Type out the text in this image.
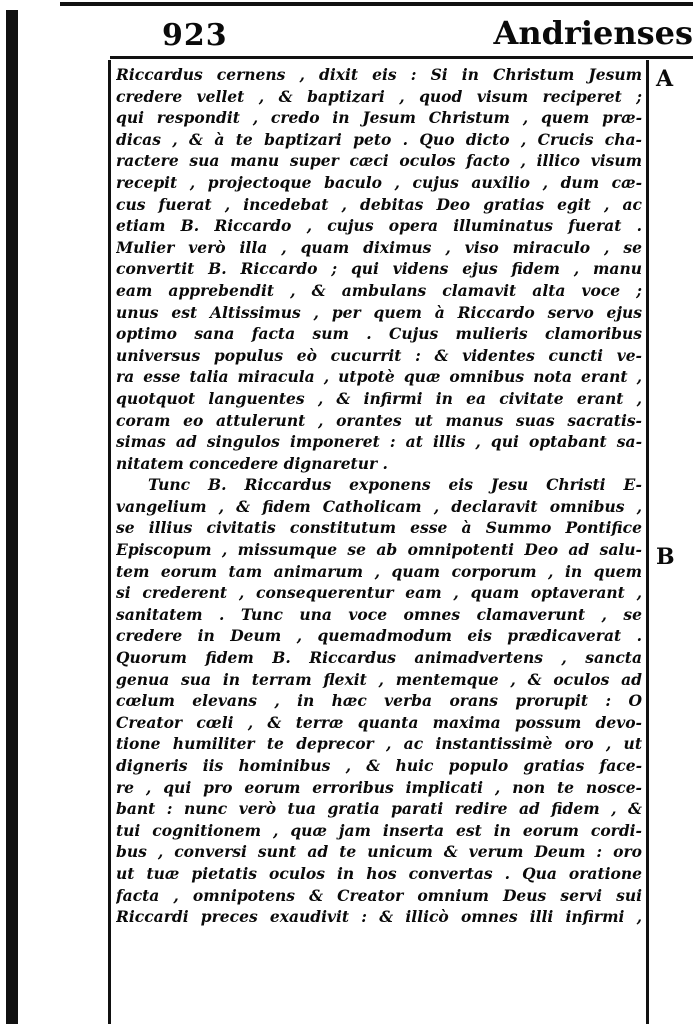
923	Andrienses
A
B
Riccardus cernens , dixit eis : Si in Christum Jesum
credere vellet , & baptizari , quod visum reciperet ;
qui respondit , credo in Jesum Christum , quem præ-
dicas , & à te baptizari peto . Quo dicto , Crucis cha-
ractere sua manu super cæci oculos facto , illico visum
recepit , projectoque baculo , cujus auxilio , dum cæ-
cus fuerat , incedebat , debitas Deo gratias egit , ac
etiam B. Riccardo , cujus opera illuminatus fuerat .
Mulier verò illa , quam diximus , viso miraculo , se
convertit B. Riccardo ; qui videns ejus fidem , manu
eam apprebendit , & ambulans clamavit alta voce ;
unus est Altissimus , per quem à Riccardo servo ejus
optimo sana facta sum . Cujus mulieris clamoribus
universus populus eò cucurrit : & videntes cuncti ve-
ra esse talia miracula , utpotè quæ omnibus nota erant ,
quotquot languentes , & infirmi in ea civitate erant ,
coram eo attulerunt , orantes ut manus suas sacratis-
simas ad singulos imponeret : at illis , qui optabant sa-
nitatem concedere dignaretur .
Tunc B. Riccardus exponens eis Jesu Christi E-
vangelium , & fidem Catholicam , declaravit omnibus ,
se illius civitatis constitutum esse à Summo Pontifice
Episcopum , missumque se ab omnipotenti Deo ad salu-
tem eorum tam animarum , quam corporum , in quem
si crederent , consequerentur eam , quam optaverant ,
sanitatem . Tunc una voce omnes clamaverunt , se
credere in Deum , quemadmodum eis prædicaverat .
Quorum fidem B. Riccardus animadvertens , sancta
genua sua in terram flexit , mentemque , & oculos ad
cœlum elevans , in hæc verba orans prorupit : O
Creator cœli , & terræ quanta maxima possum devo-
tione humiliter te deprecor , ac instantissimè oro , ut
digneris iis hominibus , & huic populo gratias face-
re , qui pro eorum erroribus implicati , non te nosce-
bant : nunc verò tua gratia parati redire ad fidem , &
tui cognitionem , quæ jam inserta est in eorum cordi-
bus , conversi sunt ad te unicum & verum Deum : oro
ut tuæ pietatis oculos in hos convertas . Qua oratione
facta , omnipotens & Creator omnium Deus servi sui
Riccardi preces exaudivit : & illicò omnes illi infirmi ,
